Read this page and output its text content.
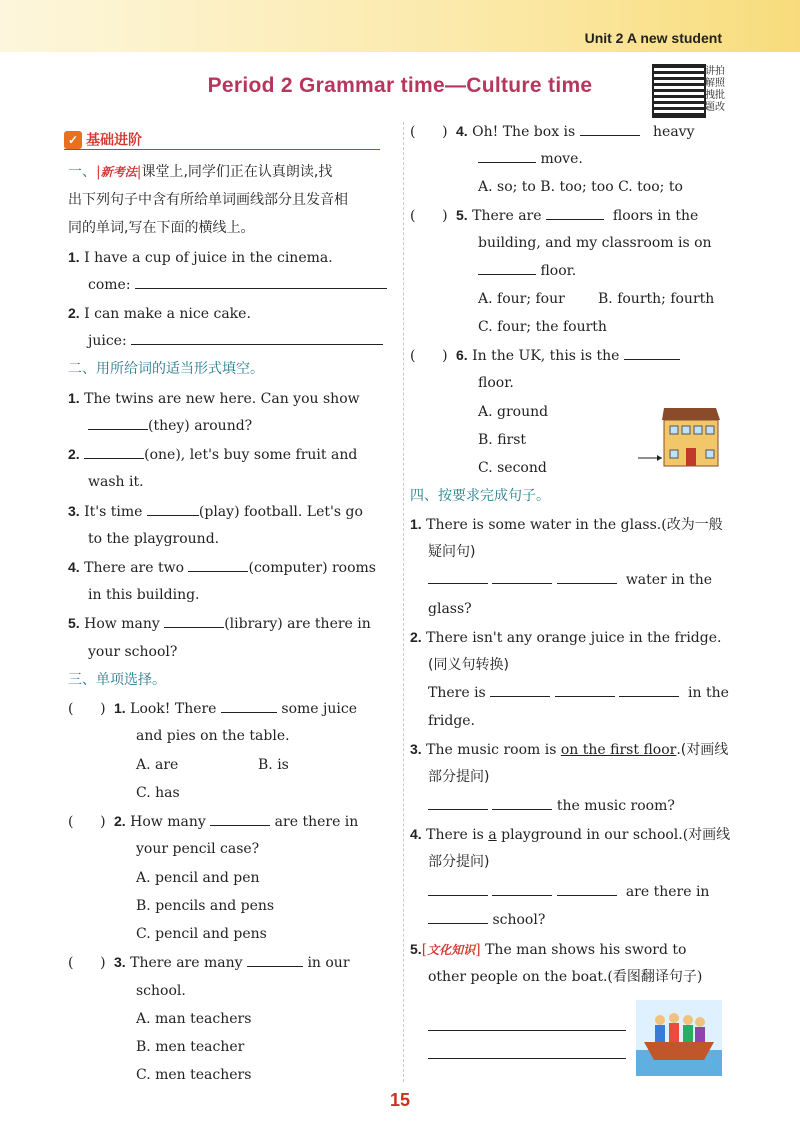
Unit 2 A new student
Period 2 Grammar time—Culture time
讲拍解照拽批题改
✓ 基础进阶
一、|新考法|课堂上,同学们正在认真朗读,找
出下列句子中含有所给单词画线部分且发音相
同的单词,写在下面的横线上。
1. I have a cup of juice in the cinema.
come:
2. I can make a nice cake.
juice:
二、用所给词的适当形式填空。
1. The twins are new here. Can you show
(they) around?
2.	(one), let's buy some fruit and
wash it.
3. It's time	(play) football. Let's go
to the playground.
4. There are two	(computer) rooms
in this building.
5. How many	(library) are there in
your school?
三、单项选择。
(      ) 1. Look! There	some juice
and pies on the table.
A. are	B. is
C. has
(      ) 2. How many	are there in
your pencil case?
A. pencil and pen
B. pencils and pens
C. pencil and pens
(      ) 3. There are many	in our
school.
A. man teachers
B. men teacher
C. men teachers
(      ) 4. Oh! The box is	heavy
move.
A. so; to B. too; too C. too; to
(      ) 5. There are	floors in the
building, and my classroom is on
floor.
A. four; four B. fourth; fourth
C. four; the fourth
(      ) 6. In the UK, this is the
floor.
A. ground
B. first
C. second
四、按要求完成句子。
1. There is some water in the glass.(改为一般
疑问句)
water in the
glass?
2. There isn't any orange juice in the fridge.
(同义句转换)
There is	in the
fridge.
3. The music room is on the first floor.(对画线
部分提问)
the music room?
4. There is a playground in our school.(对画线
部分提问)
are there in
school?
5.[文化知识] The man shows his sword to
other people on the boat.(看图翻译句子)
15
